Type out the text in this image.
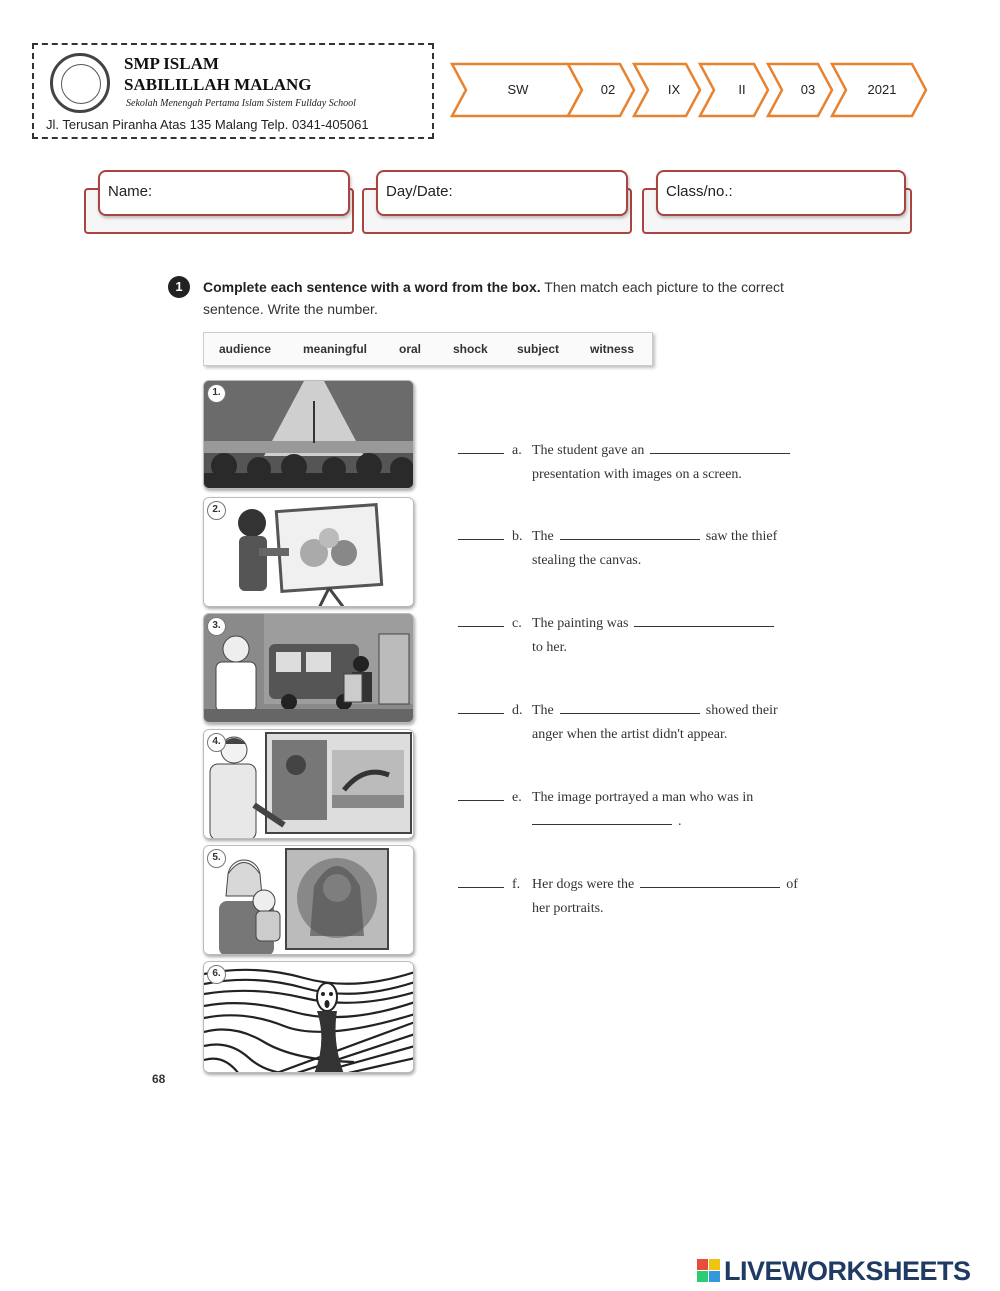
SMP ISLAM
SABILILLAH MALANG
Sekolah Menengah Pertama Islam Sistem Fullday School
Jl. Terusan Piranha Atas 135 Malang Telp. 0341-405061
SW	02	IX	II	03	2021
Name:	Day/Date:	Class/no.:
1	Complete each sentence with a word from the box. Then match each picture to the correct sentence. Write the number.
audience	meaningful	oral	shock subject	witness
1.
2.
3.
4.
5.
6.
a. The student gave an
presentation with images on a screen.
b. The	saw the thief
stealing the canvas.
c. The painting was
to her.
d. The	showed their
anger when the artist didn't appear.
e. The image portrayed a man who was in
.
f. Her dogs were the	of
her portraits.
68
LIVEWORKSHEETS
